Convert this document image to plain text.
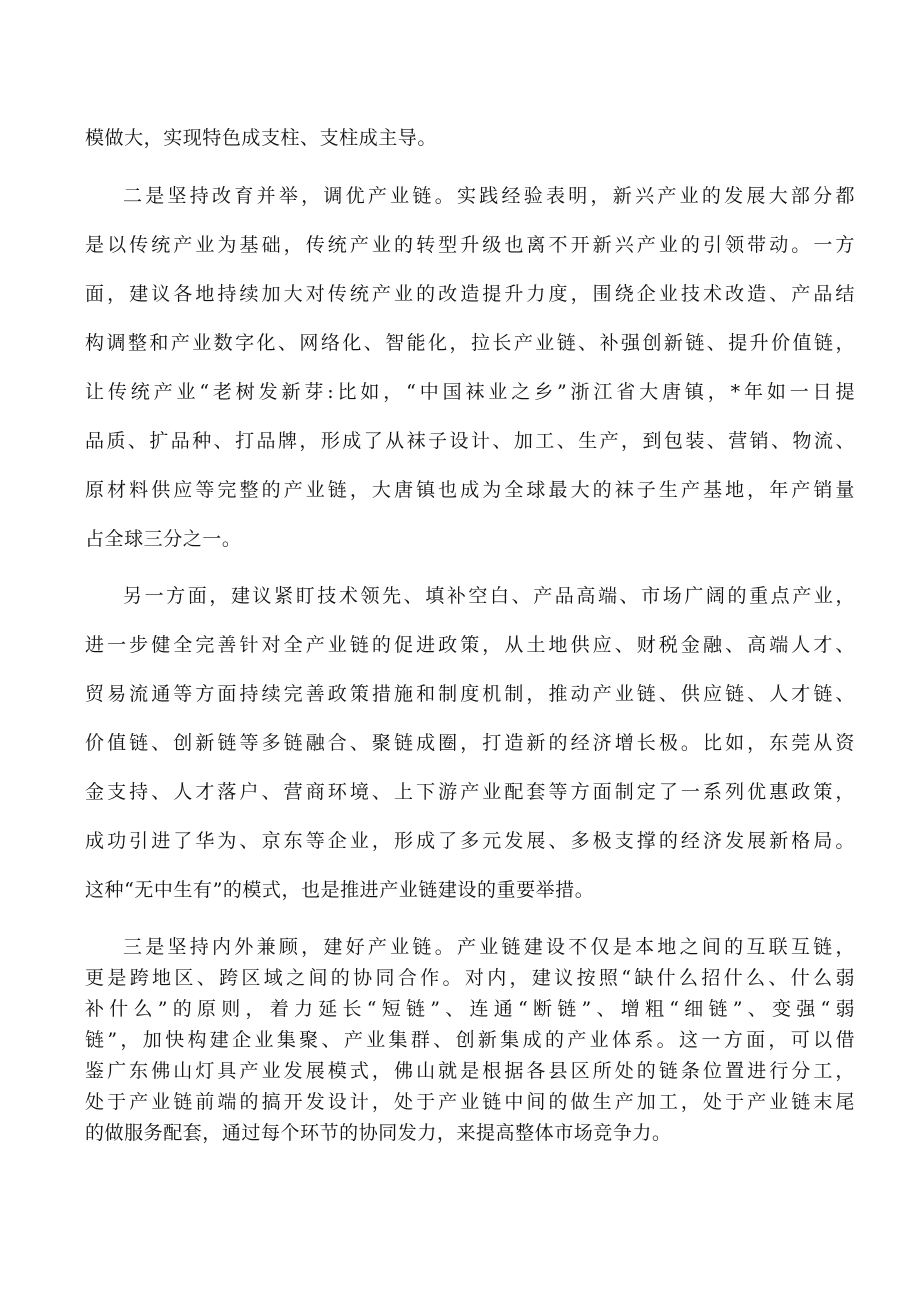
模做大，实现特色成支柱、支柱成主导。
二是坚持改育并举，调优产业链。实践经验表明，新兴产业的发展大部分都
是以传统产业为基础，传统产业的转型升级也离不开新兴产业的引领带动。一方
面，建议各地持续加大对传统产业的改造提升力度，围绕企业技术改造、产品结
构调整和产业数字化、网络化、智能化，拉长产业链、补强创新链、提升价值链，
让传统产业“老树发新芽:比如，“中国袜业之乡”浙江省大唐镇，*年如一日提
品质、扩品种、打品牌，形成了从袜子设计、加工、生产，到包装、营销、物流、
原材料供应等完整的产业链，大唐镇也成为全球最大的袜子生产基地，年产销量
占全球三分之一。
另一方面，建议紧盯技术领先、填补空白、产品高端、市场广阔的重点产业，
进一步健全完善针对全产业链的促进政策，从土地供应、财税金融、高端人才、
贸易流通等方面持续完善政策措施和制度机制，推动产业链、供应链、人才链、
价值链、创新链等多链融合、聚链成圈，打造新的经济增长极。比如，东莞从资
金支持、人才落户、营商环境、上下游产业配套等方面制定了一系列优惠政策，
成功引进了华为、京东等企业，形成了多元发展、多极支撑的经济发展新格局。
这种“无中生有”的模式，也是推进产业链建设的重要举措。
三是坚持内外兼顾，建好产业链。产业链建设不仅是本地之间的互联互链，
更是跨地区、跨区域之间的协同合作。对内，建议按照“缺什么招什么、什么弱
补什么”的原则，着力延长“短链”、连通“断链”、增粗“细链”、变强“弱
链”，加快构建企业集聚、产业集群、创新集成的产业体系。这一方面，可以借
鉴广东佛山灯具产业发展模式，佛山就是根据各县区所处的链条位置进行分工，
处于产业链前端的搞开发设计，处于产业链中间的做生产加工，处于产业链末尾
的做服务配套，通过每个环节的协同发力，来提高整体市场竞争力。
